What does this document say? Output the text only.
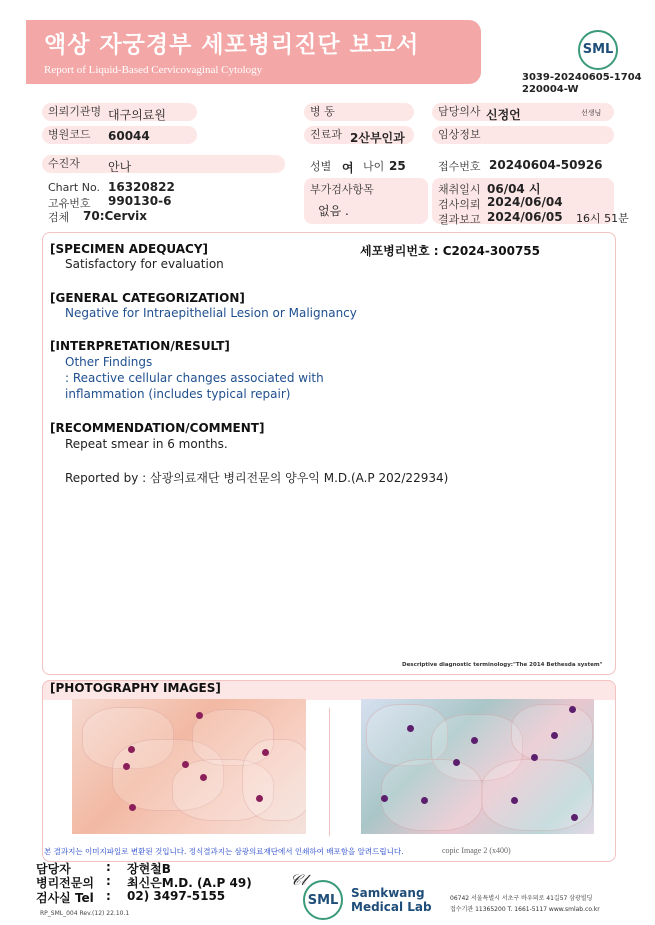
액상 자궁경부 세포병리진단 보고서
Report of Liquid-Based Cervicovaginal Cytology
SML
3039-20240605-1704
220004-W
의뢰기관명 대구의료원	병 동	담당의사 신정언	선생님
병원코드	60044	진료과 2산부인과	임상정보
수진자	안나	성별 여 나이 25	접수번호 20240604-50926
Chart No. 16320822
고유번호 990130-6
검체 70:Cervix
부가검사항목
없음 .
채취일시 06/04 시
검사의뢰 2024/06/04
결과보고 2024/06/05 16시 51분
[SPECIMEN ADEQUACY]	세포병리번호 : C2024-300755
Satisfactory for evaluation
[GENERAL CATEGORIZATION]
Negative for Intraepithelial Lesion or Malignancy
[INTERPRETATION/RESULT]
Other Findings
: Reactive cellular changes associated with
inflammation (includes typical repair)
[RECOMMENDATION/COMMENT]
Repeat smear in 6 months.
Reported by : 삼광의료재단 병리전문의 양우익 M.D.(A.P 202/22934)
Descriptive diagnostic terminology:"The 2014 Bethesda system"
[PHOTOGRAPHY IMAGES]
본 결과지는 이미지파일로 변환된 것입니다. 정식결과지는 삼광의료재단에서 인쇄하여 배포함을 알려드립니다.	copic Image 2 (x400)
담당자	: 장현철B
병리전문의 : 최신은M.D. (A.P 49)
검사실 Tel : 02) 3497-5155
RP_SML_004 Rev.(12) 22.10.1
𝒞𝓁
SML Samkwang
Medical Lab
06742 서울특별시 서초구 바우뫼로 41길57 삼광빌딩
접수기관 11365200 T. 1661-5117 www.smlab.co.kr
